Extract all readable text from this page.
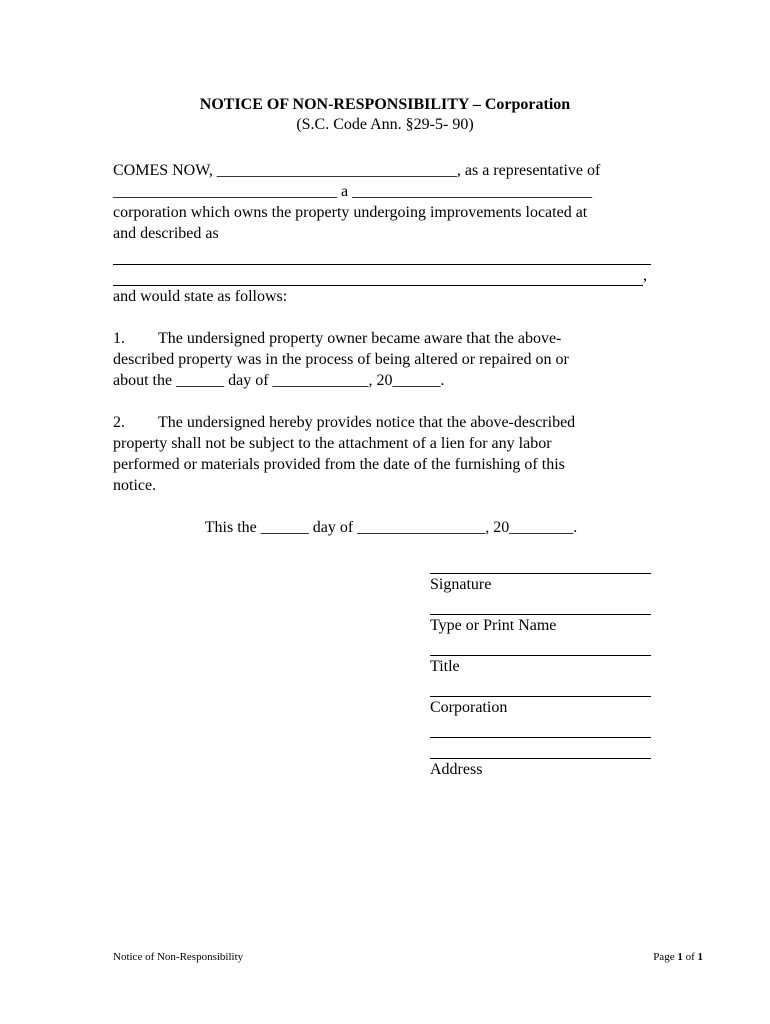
NOTICE OF NON-RESPONSIBILITY – Corporation
(S.C. Code Ann. §29-5- 90)

COMES NOW, ______________________________, as a representative of

____________________________ a ______________________________

corporation which owns the property undergoing improvements located at

and described as

,

and would state as follows:

1. The undersigned property owner became aware that the above-

described property was in the process of being altered or repaired on or

about the ______ day of ____________, 20______.

2. The undersigned hereby provides notice that the above-described

property shall not be subject to the attachment of a lien for any labor

performed or materials provided from the date of the furnishing of this

notice.

This the ______ day of ________________, 20________.

Signature
Type or Print Name
Title
Corporation
Address
Notice of Non-Responsibility	Page 1 of 1
